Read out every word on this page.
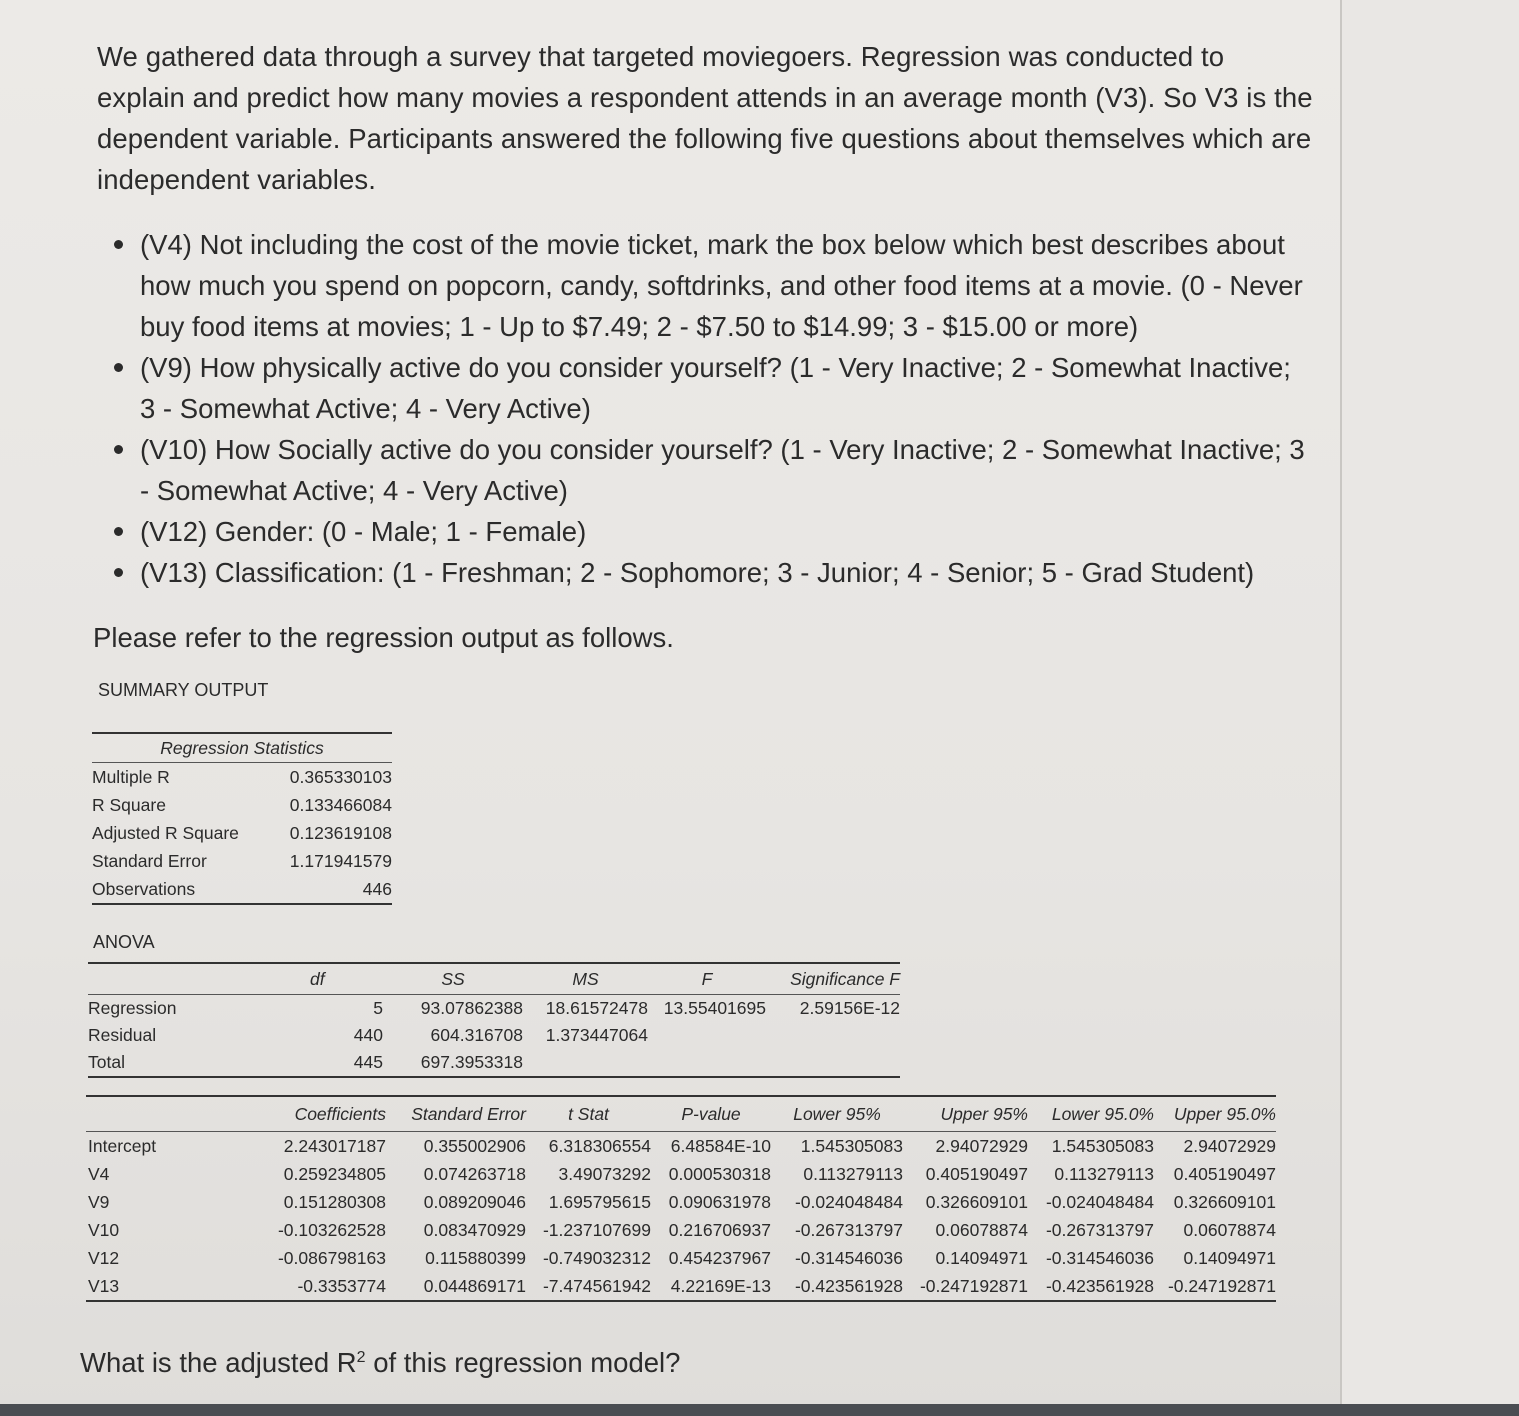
We gathered data through a survey that targeted moviegoers. Regression was conducted to explain and predict how many movies a respondent attends in an average month (V3). So V3 is the dependent variable. Participants answered the following five questions about themselves which are independent variables.
(V4) Not including the cost of the movie ticket, mark the box below which best describes about how much you spend on popcorn, candy, softdrinks, and other food items at a movie. (0 - Never buy food items at movies; 1 - Up to $7.49; 2 - $7.50 to $14.99; 3 - $15.00 or more)
(V9) How physically active do you consider yourself? (1 - Very Inactive; 2 - Somewhat Inactive; 3 - Somewhat Active; 4 - Very Active)
(V10) How Socially active do you consider yourself? (1 - Very Inactive; 2 - Somewhat Inactive; 3 - Somewhat Active; 4 - Very Active)
(V12) Gender: (0 - Male; 1 - Female)
(V13) Classification: (1 - Freshman; 2 - Sophomore; 3 - Junior; 4 - Senior; 5 - Grad Student)
Please refer to the regression output as follows.
SUMMARY OUTPUT
Regression Statistics	
Multiple R	0.365330103
R Square	0.133466084
Adjusted R Square	0.123619108
Standard Error	1.171941579
Observations	446
ANOVA
	df	SS	MS	F	Significance F
Regression	5	93.07862388	18.61572478	13.55401695	2.59156E-12
Residual	440	604.316708	1.373447064		
Total	445	697.3953318			
	Coefficients	Standard Error	t Stat	P-value	Lower 95%	Upper 95%	Lower 95.0%	Upper 95.0%
Intercept	2.243017187	0.355002906	6.318306554	6.48584E-10	1.545305083	2.94072929	1.545305083	2.94072929
V4	0.259234805	0.074263718	3.49073292	0.000530318	0.113279113	0.405190497	0.113279113	0.405190497
V9	0.151280308	0.089209046	1.695795615	0.090631978	-0.024048484	0.326609101	-0.024048484	0.326609101
V10	-0.103262528	0.083470929	-1.237107699	0.216706937	-0.267313797	0.06078874	-0.267313797	0.06078874
V12	-0.086798163	0.115880399	-0.749032312	0.454237967	-0.314546036	0.14094971	-0.314546036	0.14094971
V13	-0.3353774	0.044869171	-7.474561942	4.22169E-13	-0.423561928	-0.247192871	-0.423561928	-0.247192871
What is the adjusted $R^2$ of this regression model?
